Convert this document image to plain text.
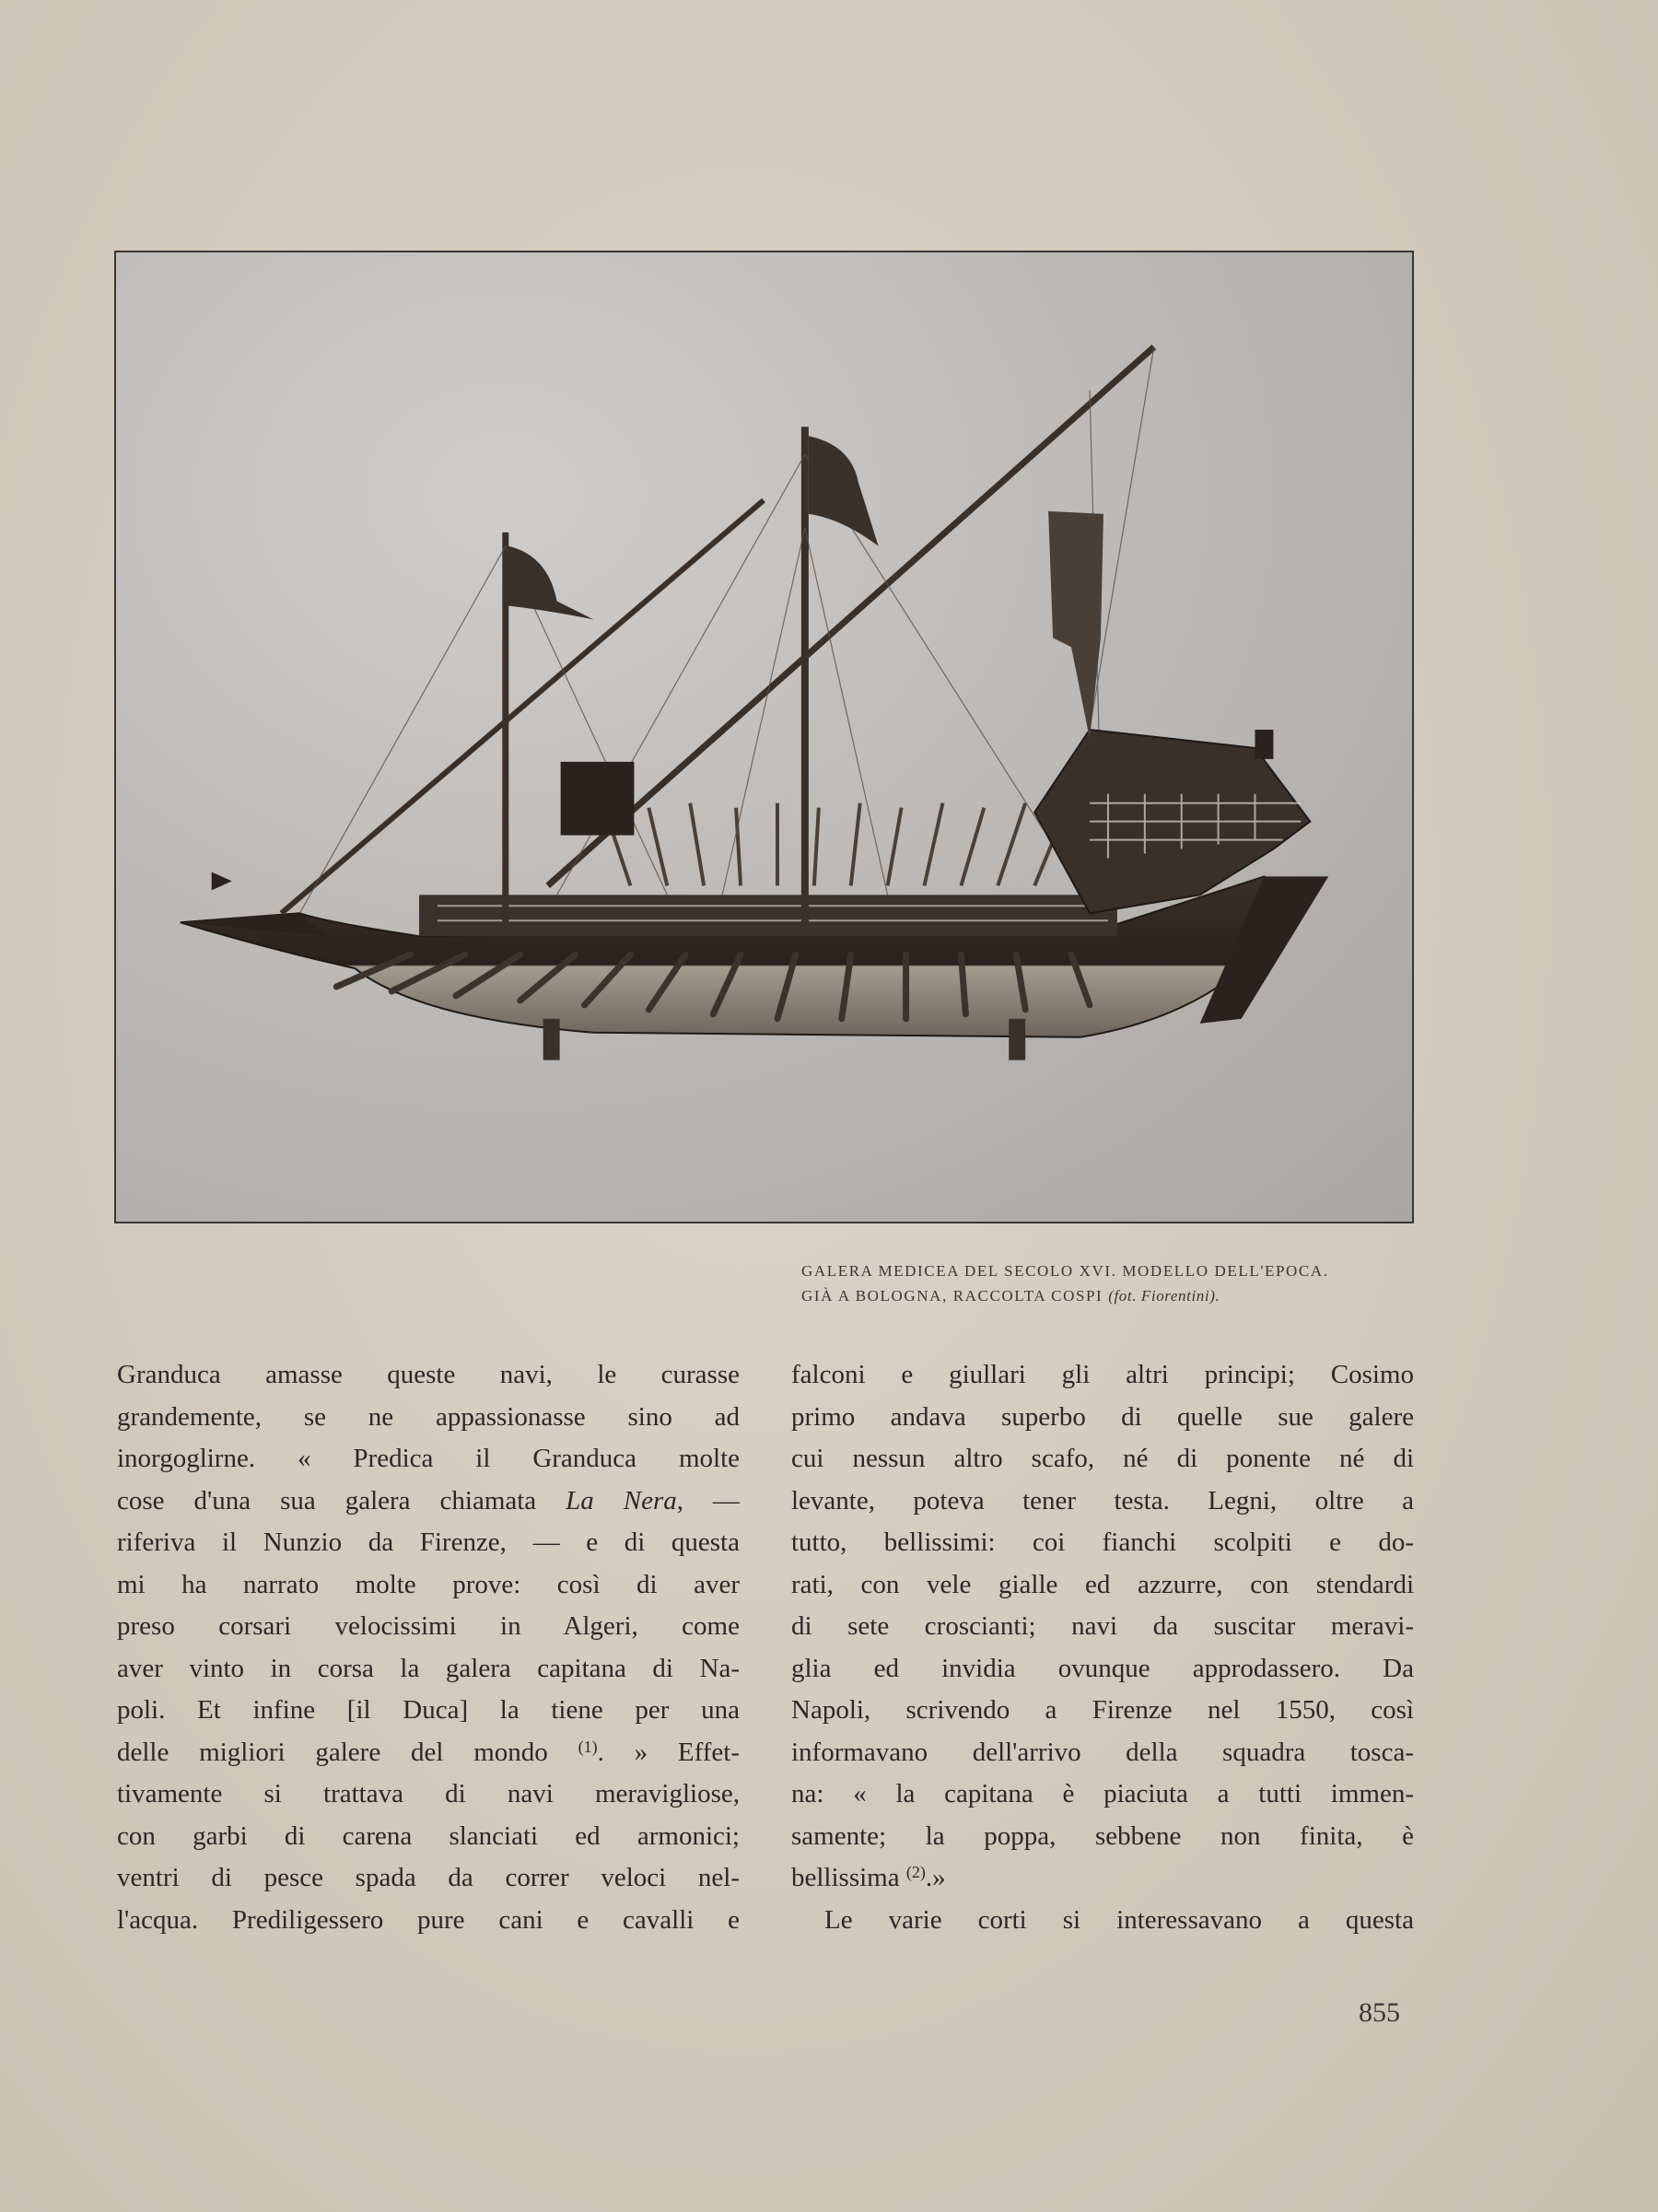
GALERA MEDICEA DEL SECOLO XVI. MODELLO DELL'EPOCA.
GIÀ A BOLOGNA, RACCOLTA COSPI (fot. Fiorentini).
Granduca amasse queste navi, le curasse
grandemente, se ne appassionasse sino ad
inorgoglirne. « Predica il Granduca molte
cose d'una sua galera chiamata La Nera, —
riferiva il Nunzio da Firenze, — e di questa
mi ha narrato molte prove: così di aver
preso corsari velocissimi in Algeri, come
aver vinto in corsa la galera capitana di Na-
poli. Et infine [il Duca] la tiene per una
delle migliori galere del mondo $^{(1)}$. » Effet-
tivamente si trattava di navi meravigliose,
con garbi di carena slanciati ed armonici;
ventri di pesce spada da correr veloci nel-
l'acqua. Prediligessero pure cani e cavalli e
falconi e giullari gli altri principi; Cosimo
primo andava superbo di quelle sue galere
cui nessun altro scafo, né di ponente né di
levante, poteva tener testa. Legni, oltre a
tutto, bellissimi: coi fianchi scolpiti e do-
rati, con vele gialle ed azzurre, con stendardi
di sete croscianti; navi da suscitar meravi-
glia ed invidia ovunque approdassero. Da
Napoli, scrivendo a Firenze nel 1550, così
informavano dell'arrivo della squadra tosca-
na: « la capitana è piaciuta a tutti immen-
samente; la poppa, sebbene non finita, è
bellissima $^{(2)}$.»
Le varie corti si interessavano a questa
855
